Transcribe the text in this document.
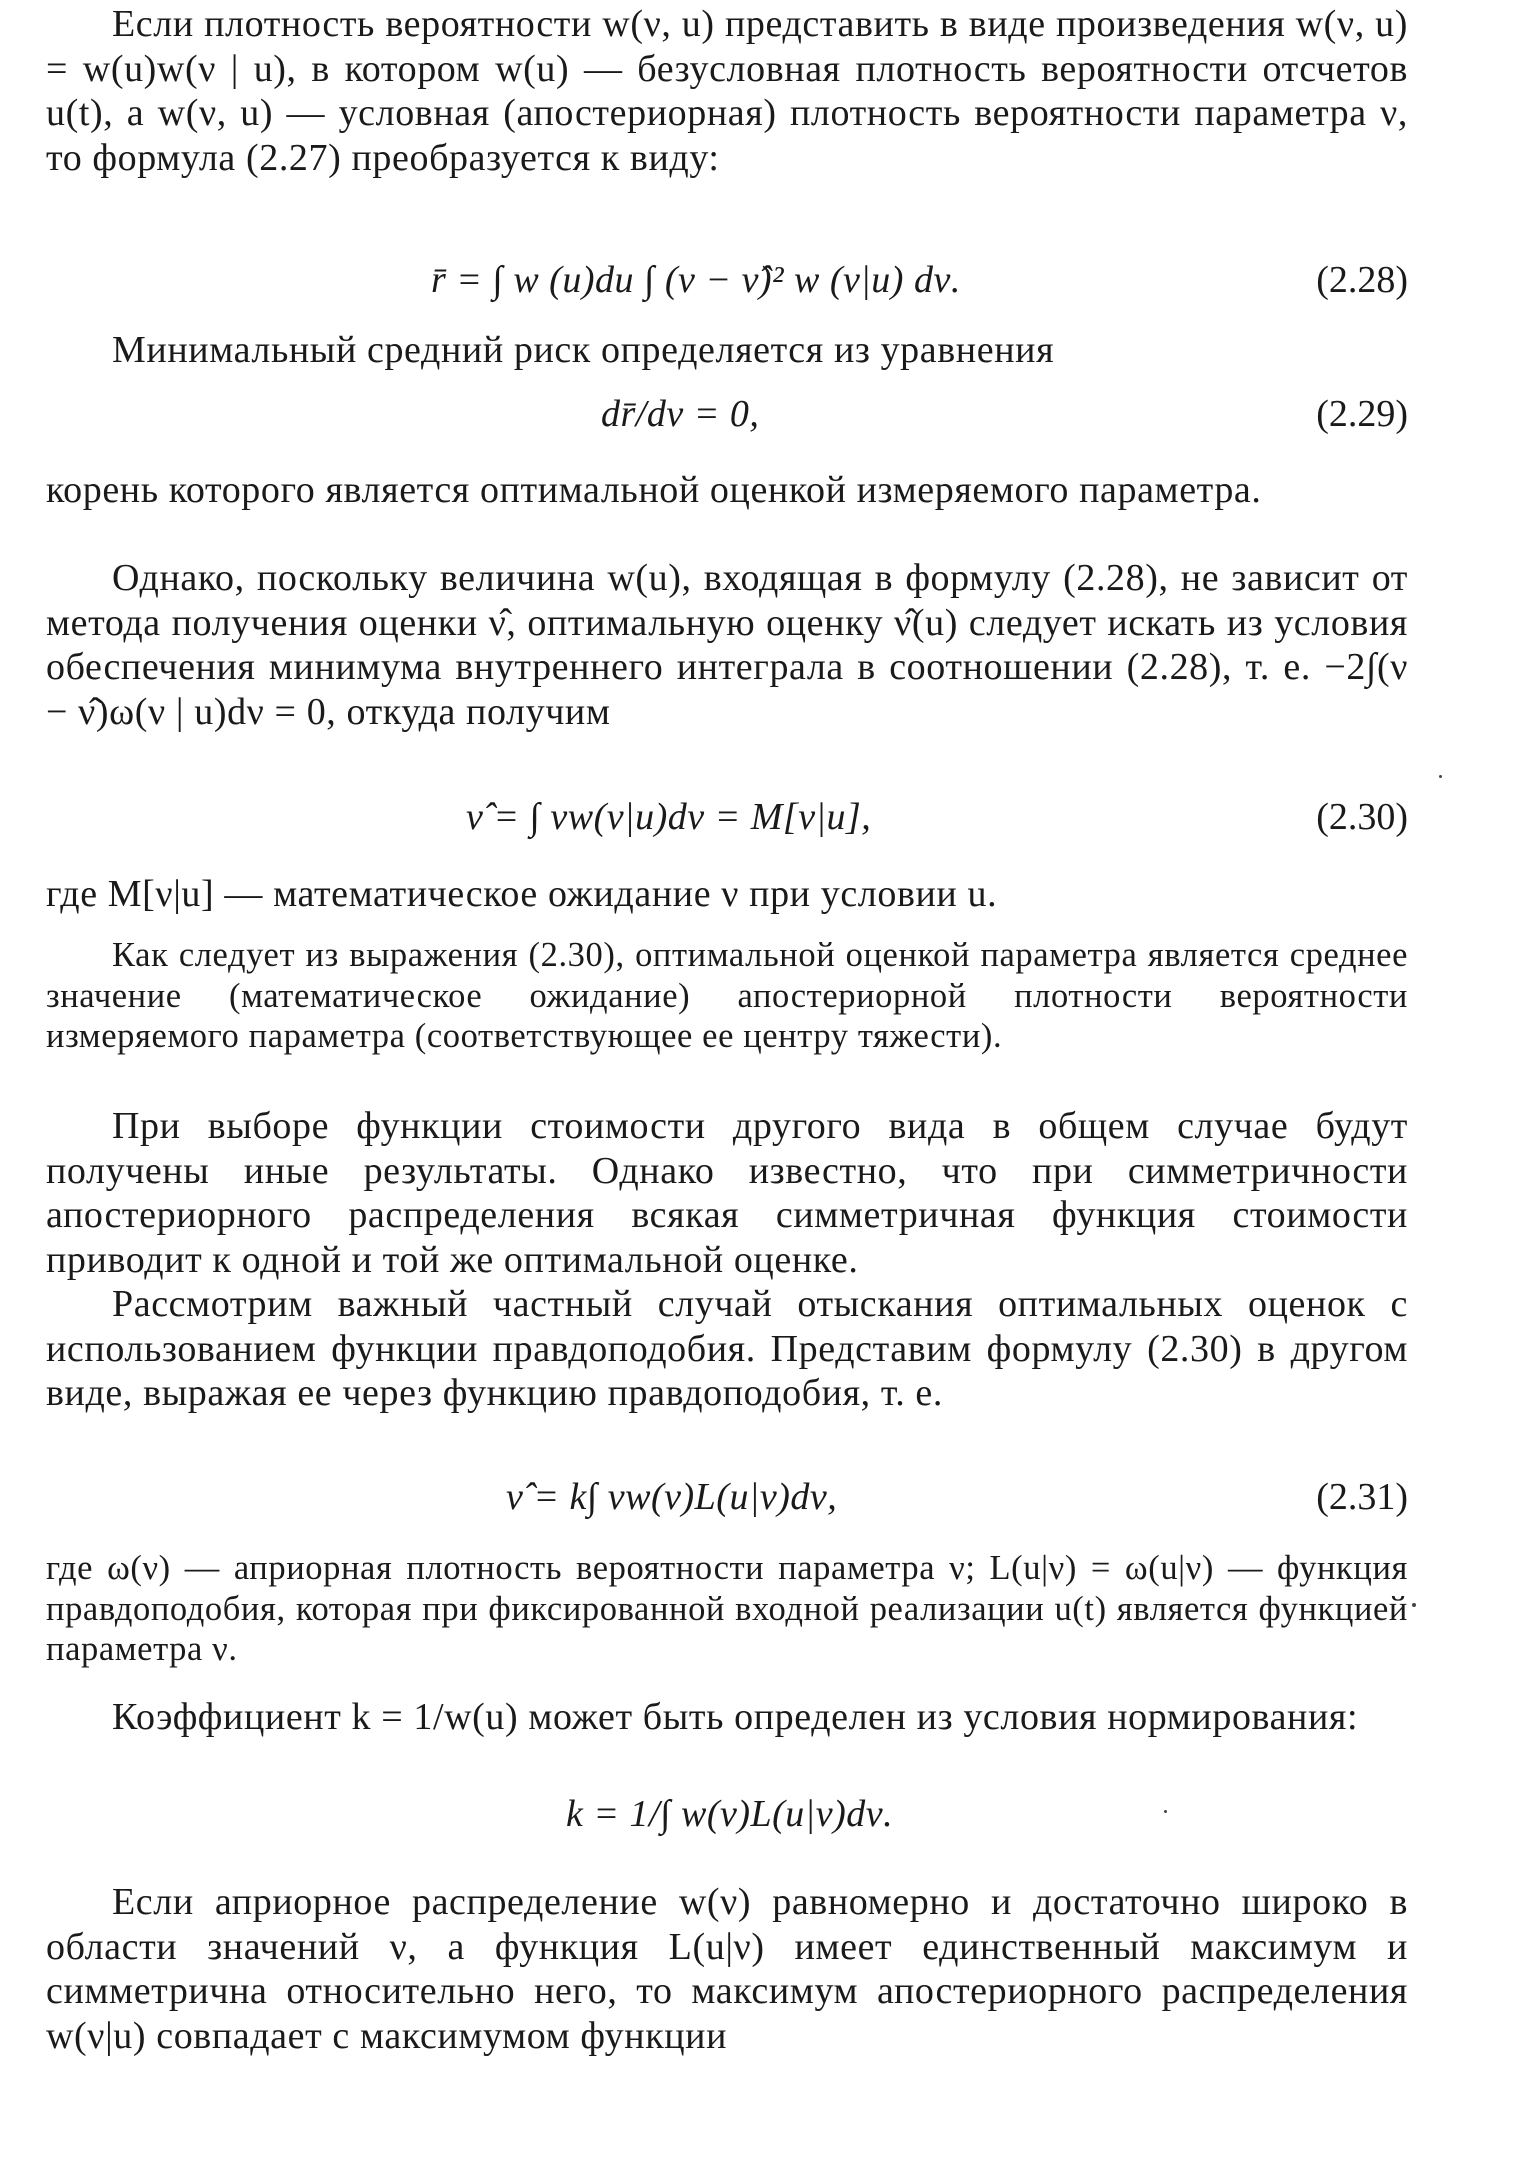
Если плотность вероятности w(ν, u) представить в виде произведения w(ν, u) = w(u)w(ν | u), в котором w(u) — безусловная плотность вероятности отсчетов u(t), а w(ν, u) — условная (апостериорная) плотность вероятности параметра ν, то формула (2.27) преобразуется к виду:

r̄ = ∫ w (u)du ∫ (ν − ν̂)² w (ν|u) dν.	(2.28)

Минимальный средний риск определяется из уравнения

dr̄/dν = 0,	(2.29)

корень которого является оптимальной оценкой измеряемого параметра.

Однако, поскольку величина w(u), входящая в формулу (2.28), не зависит от метода получения оценки ν̂, оптимальную оценку ν̂(u) следует искать из условия обеспечения минимума внутреннего интеграла в соотношении (2.28), т. е. −2∫(ν − ν̂)ω(ν | u)dν = 0, откуда получим

ν̂ = ∫ νw(ν|u)dν = M[ν|u],	(2.30)

где M[ν|u] — математическое ожидание ν при условии u.

Как следует из выражения (2.30), оптимальной оценкой параметра является среднее значение (математическое ожидание) апостериорной плотности вероятности измеряемого параметра (соответствующее ее центру тяжести).

При выборе функции стоимости другого вида в общем случае будут получены иные результаты. Однако известно, что при симметричности апостериорного распределения всякая симметричная функция стоимости приводит к одной и той же оптимальной оценке.

Рассмотрим важный частный случай отыскания оптимальных оценок с использованием функции правдоподобия. Представим формулу (2.30) в другом виде, выражая ее через функцию правдоподобия, т. е.

ν̂ = k∫ νw(ν)L(u|ν)dν,	(2.31)

где ω(ν) — априорная плотность вероятности параметра ν; L(u|ν) = ω(u|ν) — функция правдоподобия, которая при фиксированной входной реализации u(t) является функцией параметра ν.

Коэффициент k = 1/w(u) может быть определен из условия нормирования:

k = 1/∫ w(ν)L(u|ν)dν.

Если априорное распределение w(ν) равномерно и достаточно широко в области значений ν, а функция L(u|ν) имеет единственный максимум и симметрична относительно него, то максимум апостериорного распределения w(ν|u) совпадает с максимумом функции
